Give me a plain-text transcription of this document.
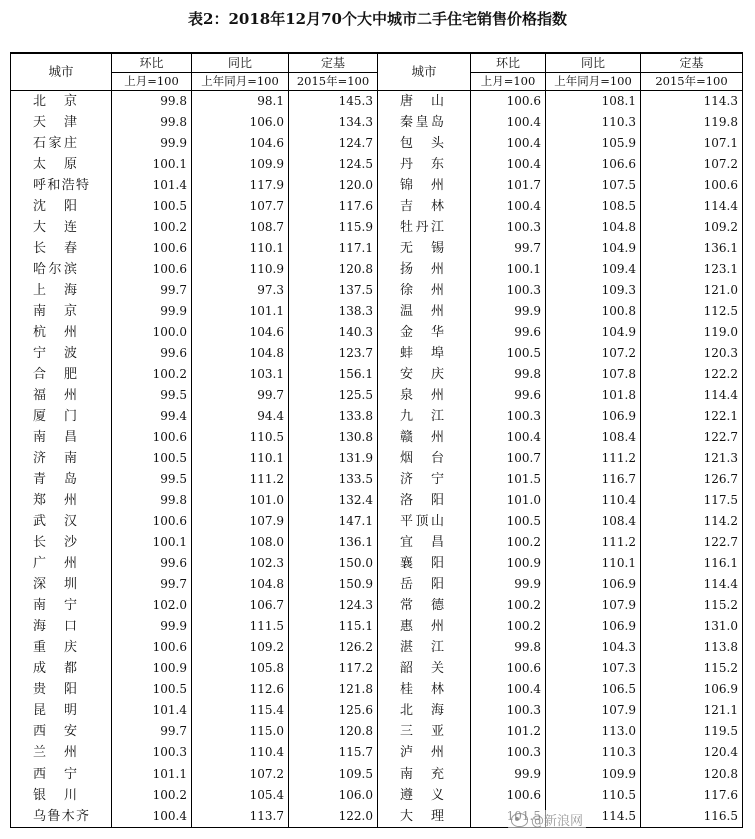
表2：2018年12月70个大中城市二手住宅销售价格指数
城市	环比	同比	定基	城市	环比	同比	定基
	上月=100	上年同月=100	2015年=100		上月=100	上年同月=100	2015年=100
北京	99.8	98.1	145.3	唐山	100.6	108.1	114.3
天津	99.8	106.0	134.3	秦皇岛	100.4	110.3	119.8
石家庄	99.9	104.6	124.7	包头	100.4	105.9	107.1
太原	100.1	109.9	124.5	丹东	100.4	106.6	107.2
呼和浩特	101.4	117.9	120.0	锦州	101.7	107.5	100.6
沈阳	100.5	107.7	117.6	吉林	100.4	108.5	114.4
大连	100.2	108.7	115.9	牡丹江	100.3	104.8	109.2
长春	100.6	110.1	117.1	无锡	99.7	104.9	136.1
哈尔滨	100.6	110.9	120.8	扬州	100.1	109.4	123.1
上海	99.7	97.3	137.5	徐州	100.3	109.3	121.0
南京	99.9	101.1	138.3	温州	99.9	100.8	112.5
杭州	100.0	104.6	140.3	金华	99.6	104.9	119.0
宁波	99.6	104.8	123.7	蚌埠	100.5	107.2	120.3
合肥	100.2	103.1	156.1	安庆	99.8	107.8	122.2
福州	99.5	99.7	125.5	泉州	99.6	101.8	114.4
厦门	99.4	94.4	133.8	九江	100.3	106.9	122.1
南昌	100.6	110.5	130.8	赣州	100.4	108.4	122.7
济南	100.5	110.1	131.9	烟台	100.7	111.2	121.3
青岛	99.5	111.2	133.5	济宁	101.5	116.7	126.7
郑州	99.8	101.0	132.4	洛阳	101.0	110.4	117.5
武汉	100.6	107.9	147.1	平顶山	100.5	108.4	114.2
长沙	100.1	108.0	136.1	宜昌	100.2	111.2	122.7
广州	99.6	102.3	150.0	襄阳	100.9	110.1	116.1
深圳	99.7	104.8	150.9	岳阳	99.9	106.9	114.4
南宁	102.0	106.7	124.3	常德	100.2	107.9	115.2
海口	99.9	111.5	115.1	惠州	100.2	106.9	131.0
重庆	100.6	109.2	126.2	湛江	99.8	104.3	113.8
成都	100.9	105.8	117.2	韶关	100.6	107.3	115.2
贵阳	100.5	112.6	121.8	桂林	100.4	106.5	106.9
昆明	101.4	115.4	125.6	北海	100.3	107.9	121.1
西安	99.7	115.0	120.8	三亚	101.2	113.0	119.5
兰州	100.3	110.4	115.7	泸州	100.3	110.3	120.4
西宁	101.1	107.2	109.5	南充	99.9	109.9	120.8
银川	100.2	105.4	106.0	遵义	100.6	110.5	117.6
乌鲁木齐	100.4	113.7	122.0	大理		114.5	116.5
@新浪网
